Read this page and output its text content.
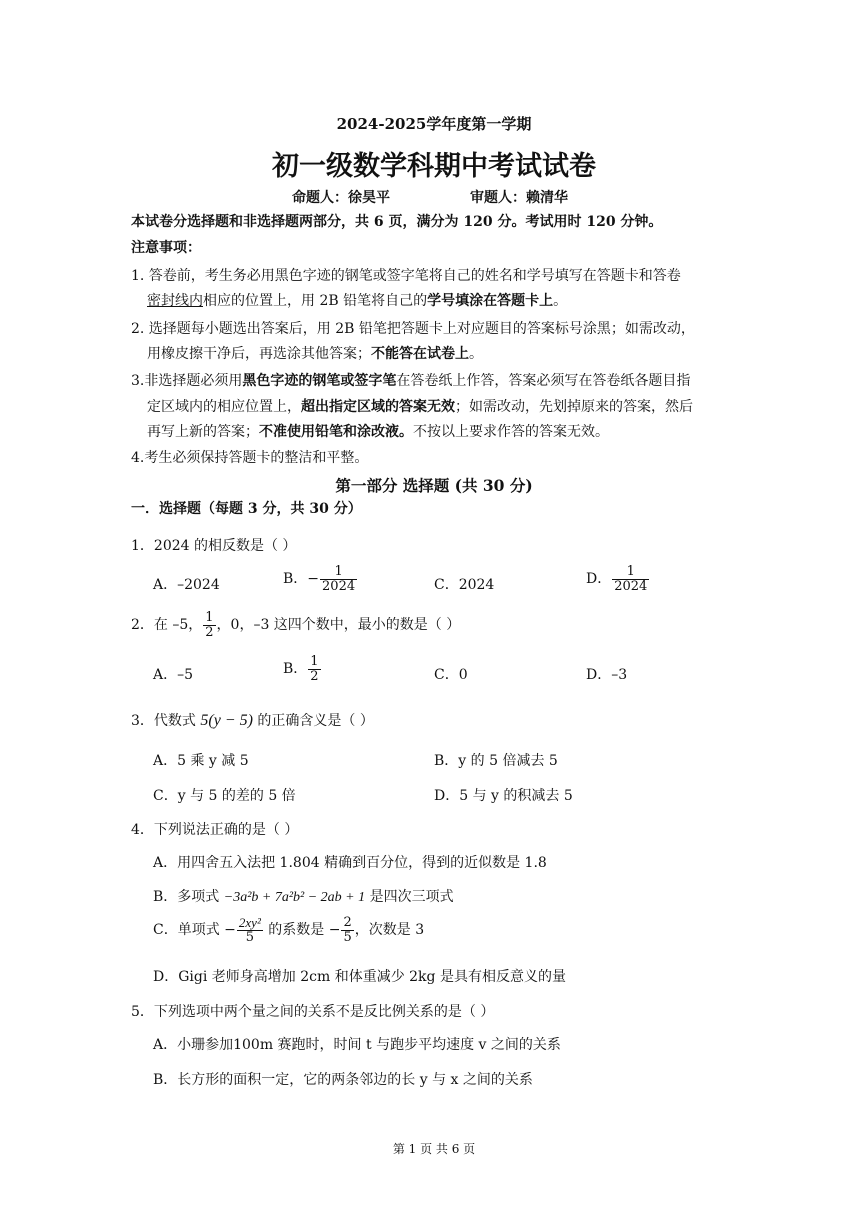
2024-2025学年度第一学期
初一级数学科期中考试试卷
命题人：徐昊平	审题人：赖清华
本试卷分选择题和非选择题两部分，共 6 页，满分为 120 分。考试用时 120 分钟。
注意事项：
1. 答卷前，考生务必用黑色字迹的钢笔或签字笔将自己的姓名和学号填写在答题卡和答卷
密封线内相应的位置上，用 2B 铅笔将自己的学号填涂在答题卡上。
2. 选择题每小题选出答案后，用 2B 铅笔把答题卡上对应题目的答案标号涂黑；如需改动，
用橡皮擦干净后，再选涂其他答案；不能答在试卷上。
3.非选择题必须用黑色字迹的钢笔或签字笔在答卷纸上作答，答案必须写在答卷纸各题目指
定区域内的相应位置上，超出指定区域的答案无效；如需改动，先划掉原来的答案，然后
再写上新的答案；不准使用铅笔和涂改液。不按以上要求作答的答案无效。
4.考生必须保持答题卡的整洁和平整。
第一部分 选择题 (共 30 分)
一．选择题（每题 3 分，共 30 分）
1．2024 的相反数是（ ）
A．–2024	B．− $\frac{1}{2024}$	C．2024	D． $\frac{1}{2024}$
2．在 –5， $\frac{1}{2}$ ，0，–3 这四个数中，最小的数是（ ）
A．–5	B． $\frac{1}{2}$	C．0	D．–3
3．代数式 5(y − 5) 的正确含义是（ ）
A．5 乘 y 减 5	B．y 的 5 倍减去 5
C．y 与 5 的差的 5 倍	D．5 与 y 的积减去 5
4．下列说法正确的是（ ）
A．用四舍五入法把 1.804 精确到百分位，得到的近似数是 1.8
B．多项式 −3a²b + 7a²b² − 2ab + 1 是四次三项式
C．单项式 − $\frac{\text{2xy²}}{5}$ 的系数是 − $\frac{2}{5}$ ，次数是 3
D．Gigi 老师身高增加 2cm 和体重减少 2kg 是具有相反意义的量
5．下列选项中两个量之间的关系不是反比例关系的是（ ）
A．小珊参加100m 赛跑时，时间 t 与跑步平均速度 v 之间的关系
B．长方形的面积一定，它的两条邻边的长 y 与 x 之间的关系
第 1 页 共 6 页
